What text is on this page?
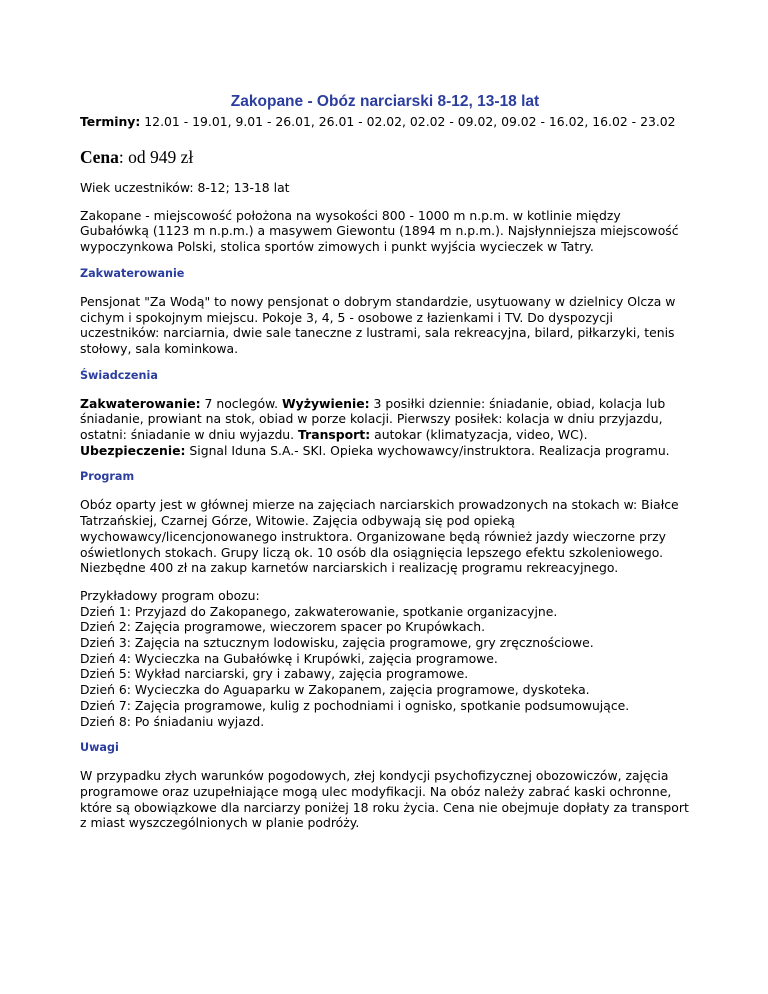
Zakopane - Obóz narciarski 8-12, 13-18 lat
Terminy: 12.01 - 19.01, 9.01 - 26.01, 26.01 - 02.02, 02.02 - 09.02, 09.02 - 16.02, 16.02 - 23.02
Cena: od 949 zł

Wiek uczestników: 8-12; 13-18 lat

Zakopane - miejscowość położona na wysokości 800 - 1000 m n.p.m. w kotlinie między Gubałówką (1123 m n.p.m.) a masywem Giewontu (1894 m n.p.m.). Najsłynniejsza miejscowość wypoczynkowa Polski, stolica sportów zimowych i punkt wyjścia wycieczek w Tatry.

Zakwaterowanie

Pensjonat "Za Wodą" to nowy pensjonat o dobrym standardzie, usytuowany w dzielnicy Olcza w cichym i spokojnym miejscu. Pokoje 3, 4, 5 - osobowe z łazienkami i TV. Do dyspozycji uczestników: narciarnia, dwie sale taneczne z lustrami, sala rekreacyjna, bilard, piłkarzyki, tenis stołowy, sala kominkowa.

Świadczenia

Zakwaterowanie: 7 noclegów. Wyżywienie: 3 posiłki dziennie: śniadanie, obiad, kolacja lub śniadanie, prowiant na stok, obiad w porze kolacji. Pierwszy posiłek: kolacja w dniu przyjazdu, ostatni: śniadanie w dniu wyjazdu. Transport: autokar (klimatyzacja, video, WC). Ubezpieczenie: Signal Iduna S.A.- SKI. Opieka wychowawcy/instruktora. Realizacja programu.

Program

Obóz oparty jest w głównej mierze na zajęciach narciarskich prowadzonych na stokach w: Białce Tatrzańskiej, Czarnej Górze, Witowie. Zajęcia odbywają się pod opieką wychowawcy/licencjonowanego instruktora. Organizowane będą również jazdy wieczorne przy oświetlonych stokach. Grupy liczą ok. 10 osób dla osiągnięcia lepszego efektu szkoleniowego. Niezbędne 400 zł na zakup karnetów narciarskich i realizację programu rekreacyjnego.

Przykładowy program obozu:
Dzień 1: Przyjazd do Zakopanego, zakwaterowanie, spotkanie organizacyjne.
Dzień 2: Zajęcia programowe, wieczorem spacer po Krupówkach.
Dzień 3: Zajęcia na sztucznym lodowisku, zajęcia programowe, gry zręcznościowe.
Dzień 4: Wycieczka na Gubałówkę i Krupówki, zajęcia programowe.
Dzień 5: Wykład narciarski, gry i zabawy, zajęcia programowe.
Dzień 6: Wycieczka do Aguaparku w Zakopanem, zajęcia programowe, dyskoteka.
Dzień 7: Zajęcia programowe, kulig z pochodniami i ognisko, spotkanie podsumowujące.
Dzień 8: Po śniadaniu wyjazd.

Uwagi

W przypadku złych warunków pogodowych, złej kondycji psychofizycznej obozowiczów, zajęcia programowe oraz uzupełniające mogą ulec modyfikacji. Na obóz należy zabrać kaski ochronne, które są obowiązkowe dla narciarzy poniżej 18 roku życia. Cena nie obejmuje dopłaty za transport z miast wyszczególnionych w planie podróży.
